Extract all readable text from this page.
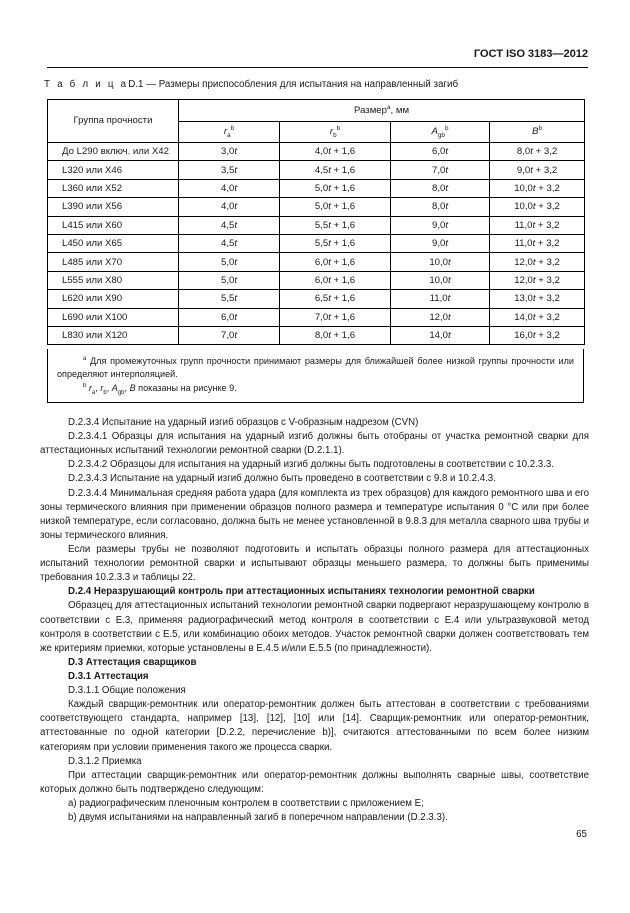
ГОСТ ISO 3183—2012
Т а б л и ц аD.1 — Размеры приспособления для испытания на направленный загиб
Группа прочности	Размер$^a$, мм			
	$r_a^b$	$r_b^b$	$A_{gb}^b$	$B^b$
До L290 включ. или X42	3,0t	4,0t + 1,6	6,0t	8,0t + 3,2
L320 или X46	3,5t	4,5t + 1,6	7,0t	9,0t + 3,2
L360 или X52	4,0t	5,0t + 1,6	8,0t	10,0t + 3,2
L390 или X56	4,0t	5,0t + 1,6	8,0t	10,0t + 3,2
L415 или X60	4,5t	5,5t + 1,6	9,0t	11,0t + 3,2
L450 или X65	4,5t	5,5t + 1,6	9,0t	11,0t + 3,2
L485 или X70	5,0t	6,0t + 1,6	10,0t	12,0t + 3,2
L555 или X80	5,0t	6,0t + 1,6	10,0t	12,0t + 3,2
L620 или X90	5,5t	6,5t + 1,6	11,0t	13,0t + 3,2
L690 или X100	6,0t	7,0t + 1,6	12,0t	14,0t + 3,2
L830 или X120	7,0t	8,0t + 1,6	14,0t	16,0t + 3,2

$^a$ Для промежуточных групп прочности принимают размеры для ближайшей более низкой группы прочности или определяют интерполяцией.

$^b$ $r_a$, $r_b$, $A_{gb}$, B показаны на рисунке 9.

D.2.3.4 Испытание на ударный изгиб образцов с V-образным надрезом (CVN)

D.2.3.4.1 Образцы для испытания на ударный изгиб должны быть отобраны от участка ремонтной сварки для аттестационных испытаний технологии ремонтной сварки (D.2.1.1).

D.2.3.4.2 Образцоы для испытания на ударный изгиб должны быть подготовлены в соответствии с 10.2.3.3.

D.2.3.4.3 Испытание на ударный изгиб должно быть проведено в соответствии с 9.8 и 10.2.4.3.

D.2.3.4.4 Минимальная средняя работа удара (для комплекта из трех образцов) для каждого ремонтного шва и его зоны термического влияния при применении образцов полного размера и температуре испытания 0 °С или при более низкой температуре, если согласовано, должна быть не менее установленной в 9.8.3 для металла сварного шва трубы и зоны термического влияния.

Если размеры трубы не позволяют подготовить и испытать образцы полного размера для аттестационных испытаний технологии ремонтной сварки и испытывают образцы меньшего размера, то должны быть применимы требования 10.2.3.3 и таблицы 22.

D.2.4 Неразрушающий контроль при аттестационных испытаниях технологии ремонтной сварки

Образцец для аттестационных испытаний технологии ремонтной сварки подвергают неразрушающему контролю в соответствии с E.3, применяя радиографический метод контроля в соответствии с E.4 или ультразвуковой метод контроля в соответствии с E.5, или комбинацию обоих методов. Участок ремонтной сварки должен соответствовать тем же критериям приемки, которые установлены в E.4.5 и/или E.5.5 (по принадлежности).

D.3 Аттестация сварщиков

D.3.1 Аттестация

D.3.1.1 Общие положения

Каждый сварщик-ремонтник или оператор-ремонтник должен быть аттестован в соответствии с требованиями соответствующего стандарта, например [13], [12], [10] или [14]. Сварщик-ремонтник или оператор-ремонтник, аттестованные по одной категории [D.2.2, перечисление b)], считаются аттестованными по всем более низким категориям при условии применения такого же процесса сварки.

D.3.1.2 Приемка

При аттестации сварщик-ремонтник или оператор-ремонтник должны выполнять сварные швы, соответствие которых должно быть подтверждено следующим:

a) радиографическим пленочным контролем в соответствии с приложением E;

b) двумя испытаниями на направленный загиб в поперечном направлении (D.2.3.3).

65
